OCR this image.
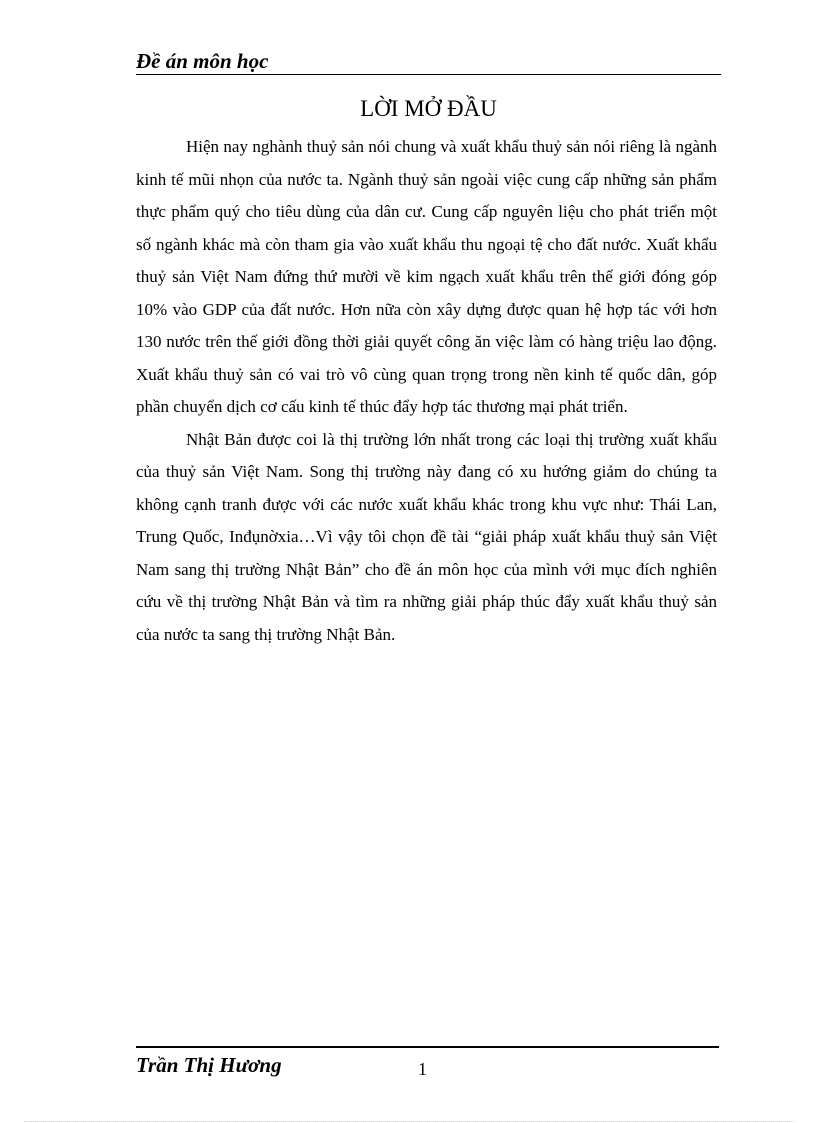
Đề án môn học
LỜI MỞ ĐẦU

Hiện nay nghành thuỷ sản nói chung và xuất khẩu thuỷ sản nói riêng là ngành kinh tế mũi nhọn của nước ta. Ngành thuỷ sản ngoài việc cung cấp những sản phẩm thực phẩm quý cho tiêu dùng của dân cư. Cung cấp nguyên liệu cho phát triển một số ngành khác mà còn tham gia vào xuất khẩu thu ngoại tệ cho đất nước. Xuất khẩu thuỷ sản Việt Nam đứng thứ mười về kim ngạch xuất khẩu trên thế giới đóng góp 10% vào GDP của đất nước. Hơn nữa còn xây dựng được quan hệ hợp tác với hơn 130 nước trên thế giới đồng thời giải quyết công ăn việc làm có hàng triệu lao động. Xuất khẩu thuỷ sản có vai trò vô cùng quan trọng trong nền kinh tế quốc dân, góp phần chuyển dịch cơ cấu kinh tế thúc đẩy hợp tác thương mại phát triển.

Nhật Bản được coi là thị trường lớn nhất trong các loại thị trường xuất khẩu của thuỷ sản Việt Nam. Song thị trường này đang có xu hướng giảm do chúng ta không cạnh tranh được với các nước xuất khẩu khác trong khu vực như: Thái Lan, Trung Quốc, Inđụnờxia…Vì vậy tôi chọn đề tài “giải pháp xuất khẩu thuỷ sản Việt Nam sang thị trường Nhật Bản” cho đề án môn học của mình với mục đích nghiên cứu về thị trường Nhật Bản và tìm ra những giải pháp thúc đẩy xuất khẩu thuỷ sản của nước ta sang thị trường Nhật Bản.

Trần Thị Hương	1
